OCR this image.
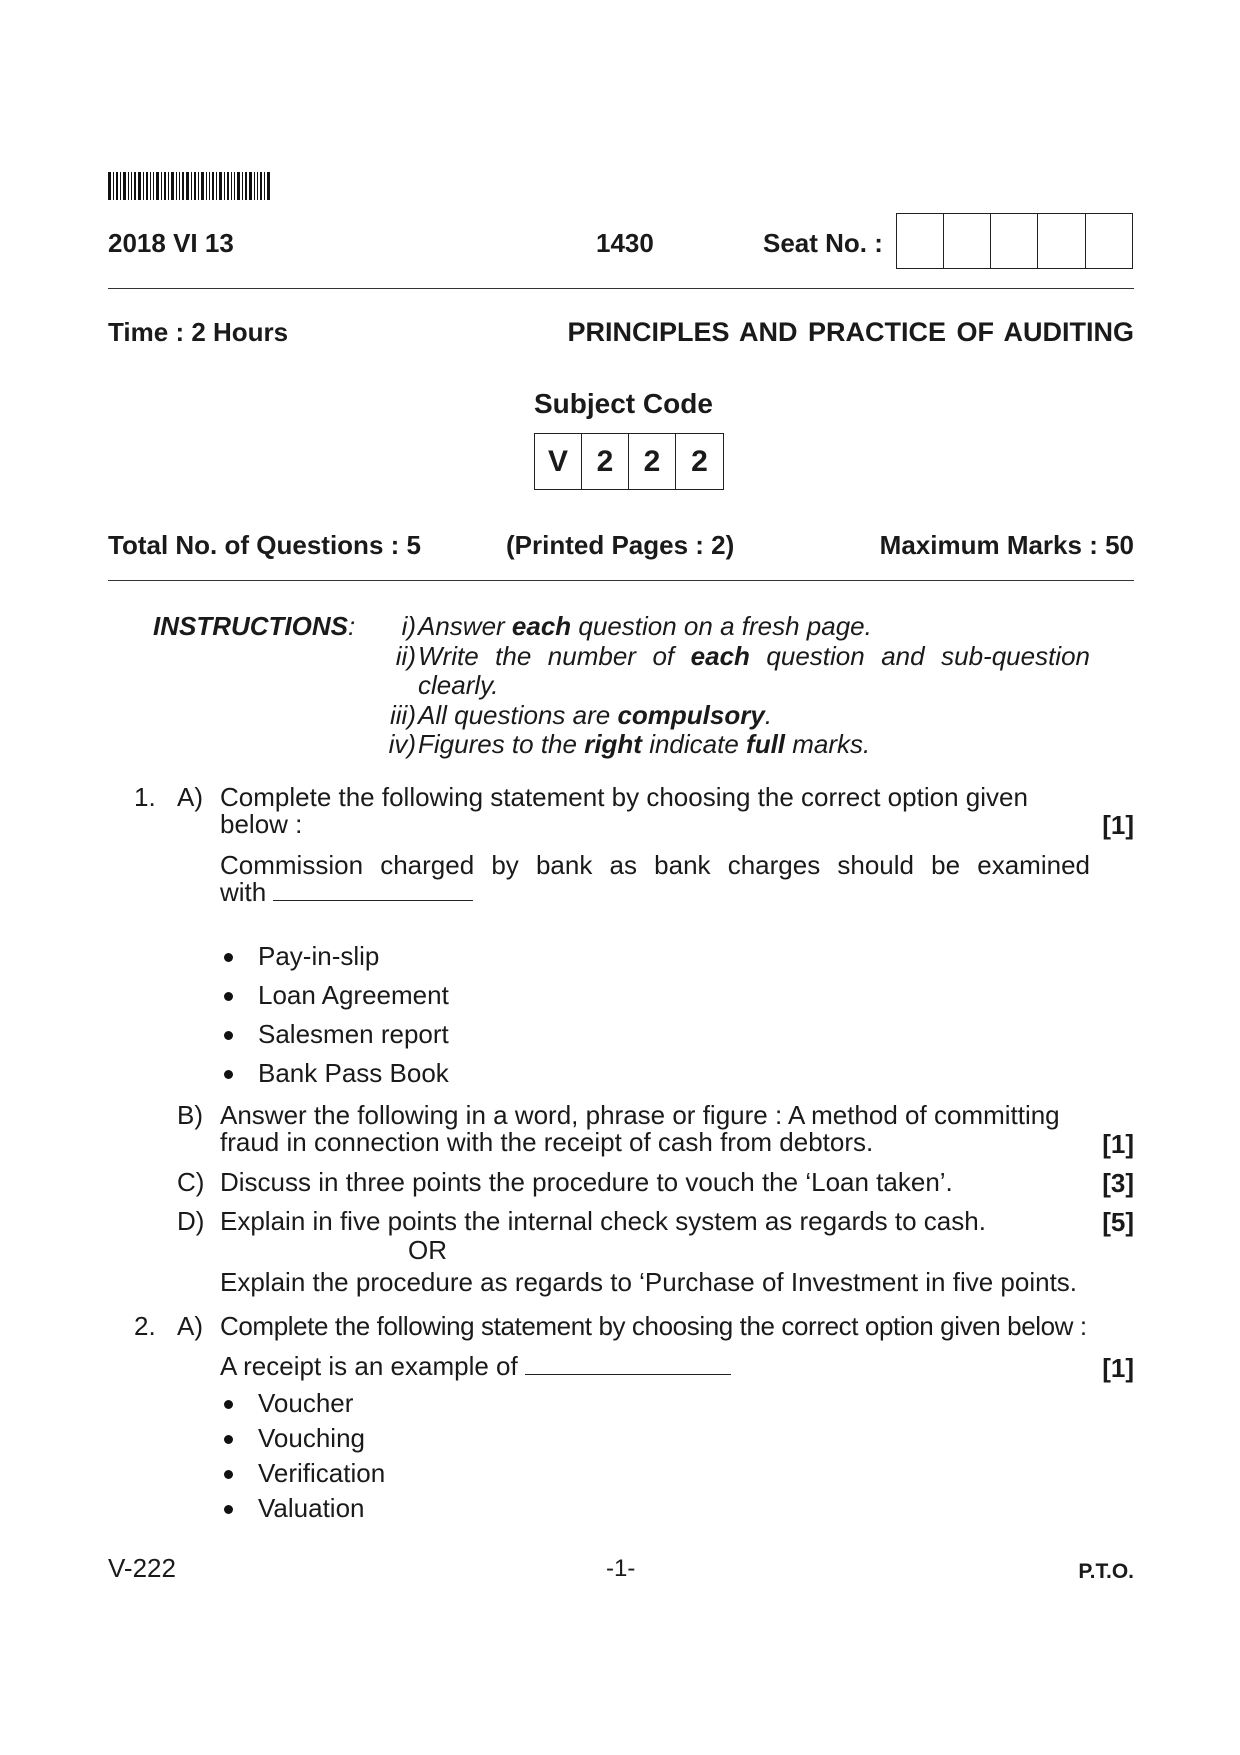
2018 VI 13	1430	Seat No. :
Time : 2 Hours	PRINCIPLES AND PRACTICE OF AUDITING
Subject Code
V 2	2	2
Total No. of Questions : 5	(Printed Pages : 2)	Maximum Marks : 50
INSTRUCTIONS:	i) Answer each question on a fresh page.
ii) Write the number of each question and sub-question
clearly.
iii) All questions are compulsory.
iv) Figures to the right indicate full marks.
1. A) Complete the following statement by choosing the correct option given
below :	[1]
Commission charged by bank as bank charges should be examined
with
Pay-in-slip
Loan Agreement
Salesmen report
Bank Pass Book
B) Answer the following in a word, phrase or figure : A method of committing
fraud in connection with the receipt of cash from debtors.	[1]
C) Discuss in three points the procedure to vouch the ‘Loan taken’.	[3]
D) Explain in five points the internal check system as regards to cash.	[5]
OR
Explain the procedure as regards to ‘Purchase of Investment in five points.
2. A) Complete the following statement by choosing the correct option given below :
A receipt is an example of	[1]
Voucher
Vouching
Verification
Valuation
V-222	-1-	P.T.O.
